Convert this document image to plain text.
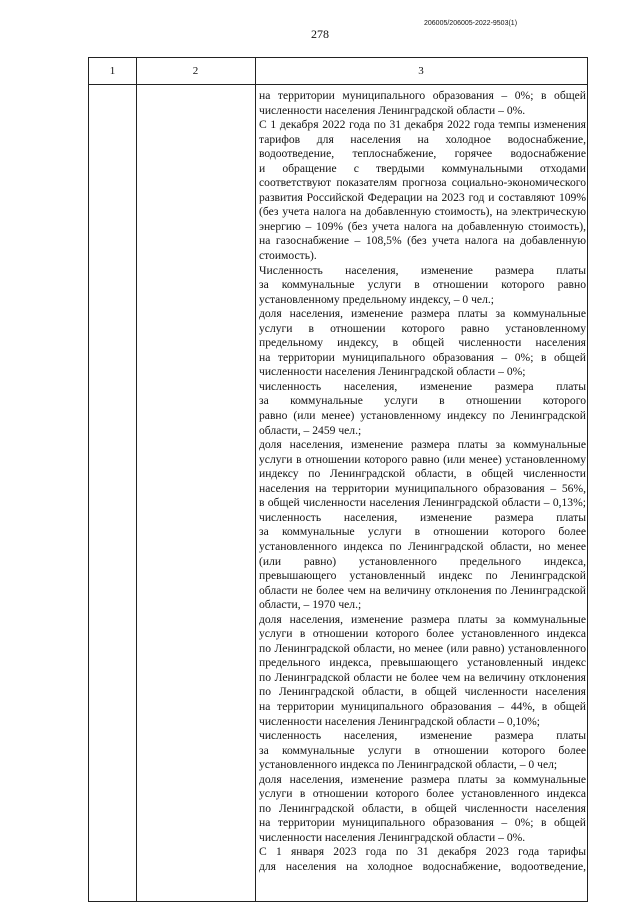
278
206005/206005-2022-9503(1)
1	2	3
на территории муниципального образования – 0%; в общей
численности населения Ленинградской области – 0%.
С 1 декабря 2022 года по 31 декабря 2022 года темпы изменения
тарифов для населения на холодное водоснабжение,
водоотведение, теплоснабжение, горячее водоснабжение
и обращение с твердыми коммунальными отходами
соответствуют показателям прогноза социально-экономического
развития Российской Федерации на 2023 год и составляют 109%
(без учета налога на добавленную стоимость), на электрическую
энергию – 109% (без учета налога на добавленную стоимость),
на газоснабжение – 108,5% (без учета налога на добавленную
стоимость).
Численность населения, изменение размера платы
за коммунальные услуги в отношении которого равно
установленному предельному индексу, – 0 чел.;
доля населения, изменение размера платы за коммунальные
услуги в отношении которого равно установленному
предельному индексу, в общей численности населения
на территории муниципального образования – 0%; в общей
численности населения Ленинградской области – 0%;
численность населения, изменение размера платы
за коммунальные услуги в отношении которого
равно (или менее) установленному индексу по Ленинградской
области, – 2459 чел.;
доля населения, изменение размера платы за коммунальные
услуги в отношении которого равно (или менее) установленному
индексу по Ленинградской области, в общей численности
населения на территории муниципального образования – 56%,
в общей численности населения Ленинградской области – 0,13%;
численность населения, изменение размера платы
за коммунальные услуги в отношении которого более
установленного индекса по Ленинградской области, но менее
(или равно) установленного предельного индекса,
превышающего установленный индекс по Ленинградской
области не более чем на величину отклонения по Ленинградской
области, – 1970 чел.;
доля населения, изменение размера платы за коммунальные
услуги в отношении которого более установленного индекса
по Ленинградской области, но менее (или равно) установленного
предельного индекса, превышающего установленный индекс
по Ленинградской области не более чем на величину отклонения
по Ленинградской области, в общей численности населения
на территории муниципального образования – 44%, в общей
численности населения Ленинградской области – 0,10%;
численность населения, изменение размера платы
за коммунальные услуги в отношении которого более
установленного индекса по Ленинградской области, – 0 чел;
доля населения, изменение размера платы за коммунальные
услуги в отношении которого более установленного индекса
по Ленинградской области, в общей численности населения
на территории муниципального образования – 0%; в общей
численности населения Ленинградской области – 0%.
С 1 января 2023 года по 31 декабря 2023 года тарифы
для населения на холодное водоснабжение, водоотведение,
